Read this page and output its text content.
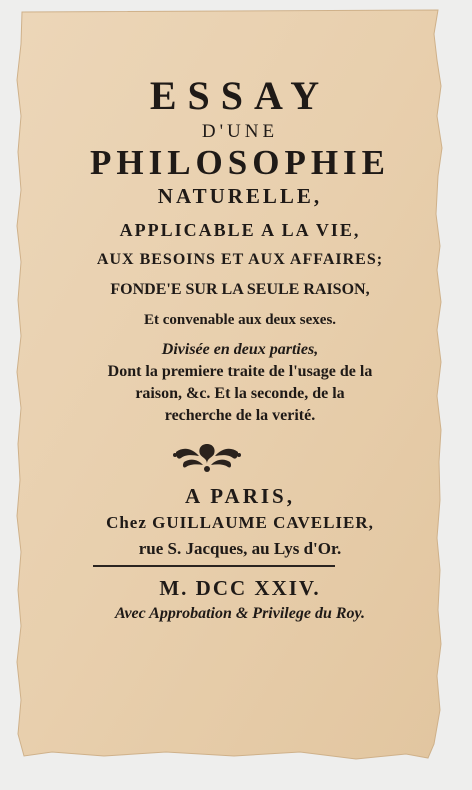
ESSAY
D'UNE
PHILOSOPHIE
NATURELLE,
APPLICABLE A LA VIE,
AUX BESOINS ET AUX AFFAIRES;
FONDE'E SUR LA SEULE RAISON,
Et convenable aux deux sexes.
Divisée en deux parties,
Dont la premiere traite de l'usage de la
raison, &c. Et la seconde, de la
recherche de la verité.
A PARIS,
Chez GUILLAUME CAVELIER,
rue S. Jacques, au Lys d'Or.
M. DCC XXIV.
Avec Approbation & Privilege du Roy.
